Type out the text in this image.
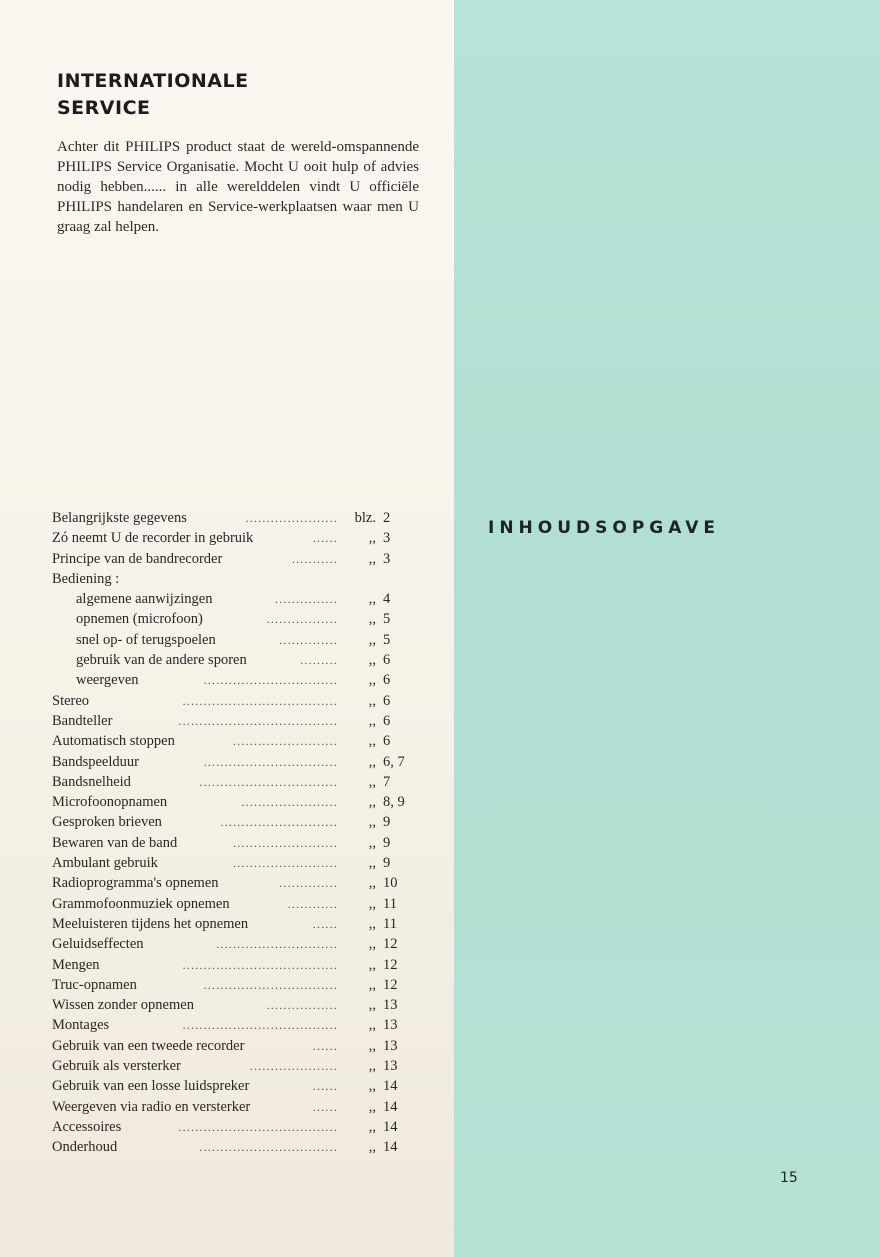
INTERNATIONALE
SERVICE

Achter dit PHILIPS product staat de wereld-omspannende PHILIPS Service Organisatie. Mocht U ooit hulp of advies nodig hebben...... in alle werelddelen vindt U officiële PHILIPS handelaren en Service-werkplaatsen waar men U graag zal helpen.

Belangrijkste gegevens	......................	blz. 2
Zó neemt U de recorder in gebruik	......	,, 3
Principe van de bandrecorder	...........	,, 3
Bediening :
algemene aanwijzingen	...............	,, 4
opnemen (microfoon)	.................	,, 5
snel op- of terugspoelen	..............	,, 5
gebruik van de andere sporen	.........	,, 6
weergeven	................................	,, 6
Stereo	.....................................	,, 6
Bandteller	......................................	,, 6
Automatisch stoppen	.........................	,, 6
Bandspeelduur	................................	,, 6, 7
Bandsnelheid	.................................	,, 7
Microfoonopnamen	.......................	,, 8, 9
Gesproken brieven	............................	,, 9
Bewaren van de band	.........................	,, 9
Ambulant gebruik	.........................	,, 9
Radioprogramma's opnemen	..............	,, 10
Grammofoonmuziek opnemen	............	,, 11
Meeluisteren tijdens het opnemen	......	,, 11
Geluidseffecten	.............................	,, 12
Mengen	.....................................	,, 12
Truc-opnamen	................................	,, 12
Wissen zonder opnemen	.................	,, 13
Montages	.....................................	,, 13
Gebruik van een tweede recorder	......	,, 13
Gebruik als versterker	.....................	,, 13
Gebruik van een losse luidspreker	......	,, 14
Weergeven via radio en versterker	......	,, 14
Accessoires	......................................	,, 14
Onderhoud	.................................	,, 14
INHOUDSOPGAVE
15
